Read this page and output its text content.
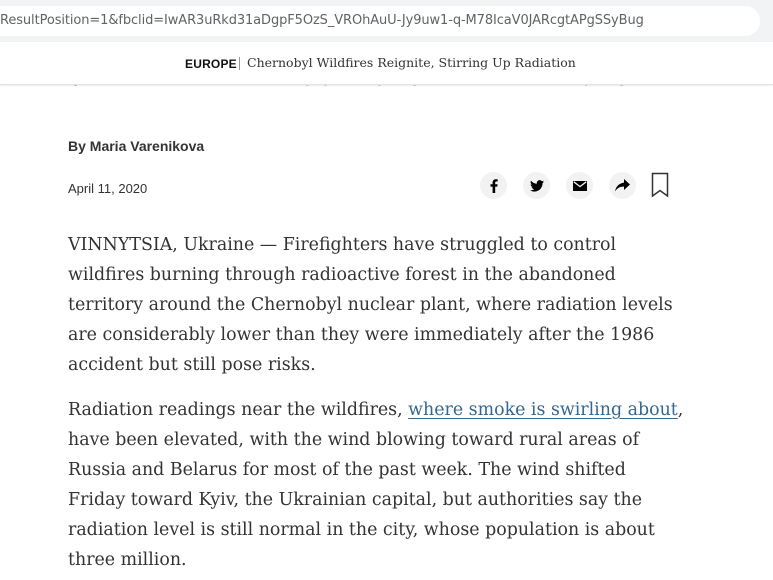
ResultPosition=1&fbclid=IwAR3uRkd31aDgpF5OzS_VROhAuU-Jy9uw1-q-M78IcaV0JARcgtAPgSSyBug
EUROPE Chernobyl Wildfires Reignite, Stirring Up Radiation
By Maria Varenikova
April 11, 2020

VINNYTSIA, Ukraine — Firefighters have struggled to control wildfires burning through radioactive forest in the abandoned territory around the Chernobyl nuclear plant, where radiation levels are considerably lower than they were immediately after the 1986 accident but still pose risks.

Radiation readings near the wildfires, where smoke is swirling about, have been elevated, with the wind blowing toward rural areas of Russia and Belarus for most of the past week. The wind shifted Friday toward Kyiv, the Ukrainian capital, but authorities say the radiation level is still normal in the city, whose population is about three million.
